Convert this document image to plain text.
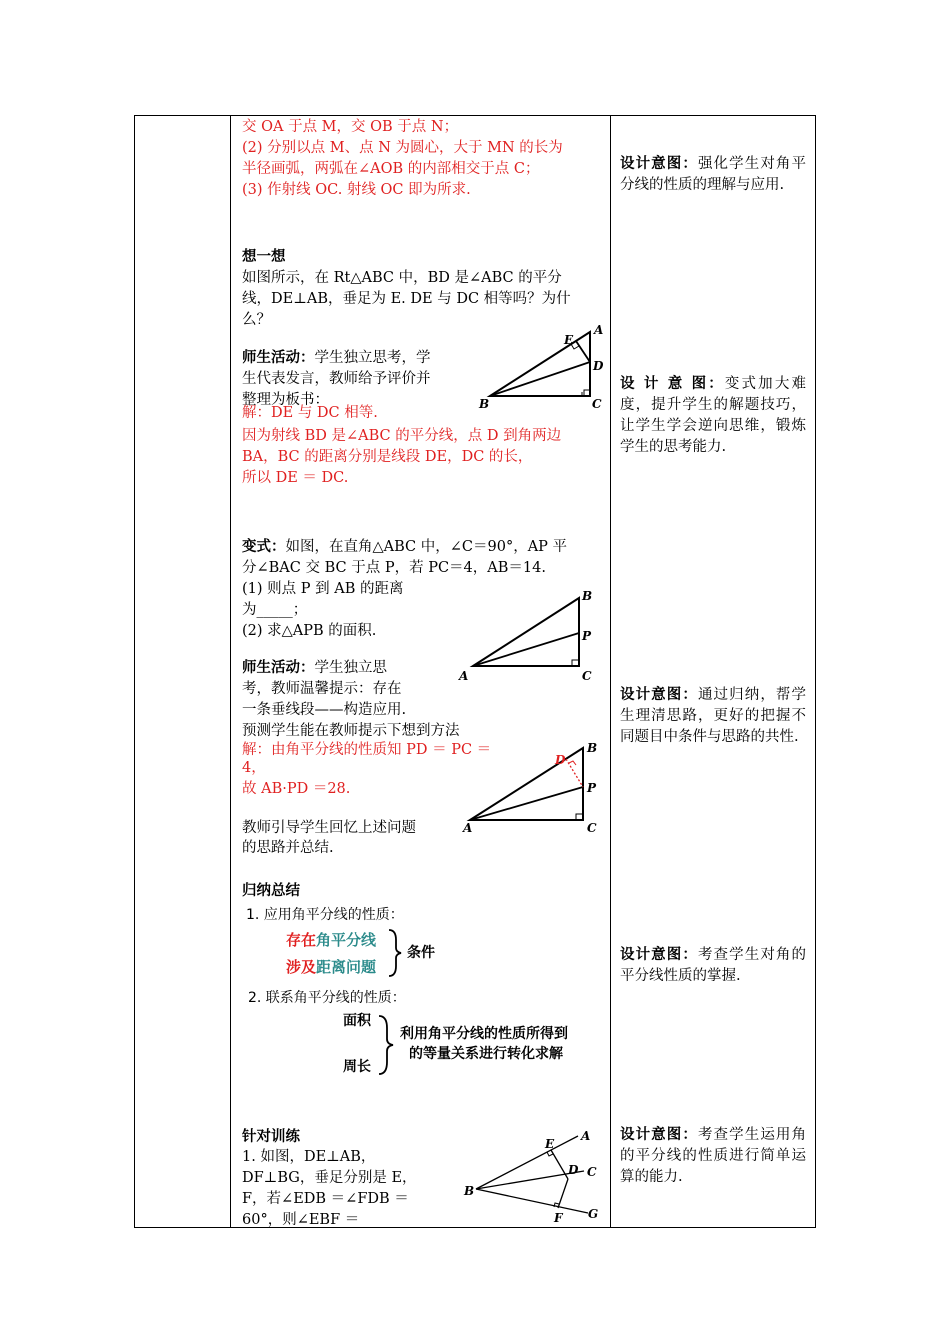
交 OA 于点 M，交 OB 于点 N；
(2) 分别以点 M、点 N 为圆心，大于 MN 的长为
半径画弧，两弧在∠AOB 的内部相交于点 C；
(3) 作射线 OC. 射线 OC 即为所求.
想一想
如图所示，在 Rt△ABC 中，BD 是∠ABC 的平分
线，DE⊥AB，垂足为 E. DE 与 DC 相等吗？为什
么？
师生活动：学生独立思考，学
生代表发言，教师给予评价并
整理为板书：
解：DE 与 DC 相等.
因为射线 BD 是∠ABC 的平分线，点 D 到角两边
BA，BC 的距离分别是线段 DE，DC 的长，
所以 DE ＝ DC.
A
E
D
B	C
变式：如图，在直角△ABC 中，∠C＝90°，AP 平
分∠BAC 交 BC 于点 P，若 PC＝4，AB＝14.
(1) 则点 P 到 AB 的距离
为_____；
(2) 求△APB 的面积.
师生活动：学生独立思
考，教师温馨提示：存在
一条垂线段——构造应用.
预测学生能在教师提示下想到方法
解：由角平分线的性质知 PD ＝ PC ＝
4，
故 AB·PD ＝28.
教师引导学生回忆上述问题
的思路并总结.
B
P
A	C
B
D
P
A	C
归纳总结
1. 应用角平分线的性质：
存在角平分线
涉及距离问题
条件
2. 联系角平分线的性质：
面积
周长
利用角平分线的性质所得到
的等量关系进行转化求解
针对训练
1. 如图，DE⊥AB，
DF⊥BG，垂足分别是 E，
F，若∠EDB ＝∠FDB ＝
60°，则∠EBF ＝________
A
E
D C
B
F G
设计意图：强化学生对角平分线的性质的理解与应用.
设 计 意 图：变式加大难度，提升学生的解题技巧，让学生学会逆向思维，锻炼学生的思考能力.
设计意图：通过归纳，帮学生理清思路，更好的把握不同题目中条件与思路的共性.
设计意图：考查学生对角的平分线性质的掌握.
设计意图：考查学生运用角的平分线的性质进行简单运算的能力.
